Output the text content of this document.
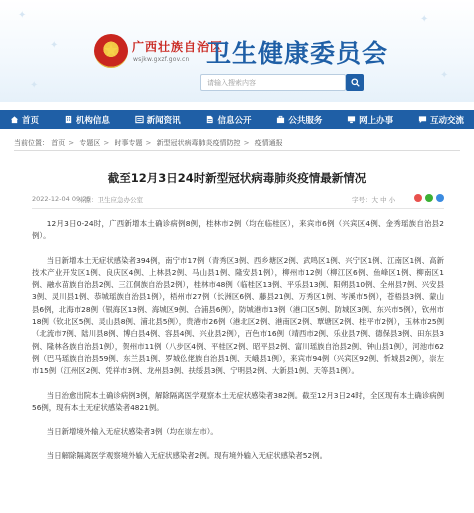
✦
✦
✦
✦
✦
广西壮族自治区
wsjkw.gxzf.gov.cn 卫生健康委员会
请输入搜索内容
首页	机构信息	新闻资讯	信息公开	公共服务	网上办事	互动交流
当前位置： 首页 > 专题区 > 时事专题 > 新型冠状病毒肺炎疫情防控 > 疫情通报
截至12月3日24时新型冠状病毒肺炎疫情最新情况
2022-12-04 09:25
来源：卫生应急办公室	字号：大 中 小

12月3日0-24时，广西新增本土确诊病例8例，桂林市2例（均在临桂区），来宾市6例（兴宾区4例、金秀瑶族自治县2例）。

当日新增本土无症状感染者394例，南宁市17例（青秀区3例、西乡塘区2例、武鸣区1例、兴宁区1例、江南区1例、高新技术产业开发区1例、良庆区4例、上林县2例、马山县1例、隆安县1例），柳州市12例（柳江区6例、鱼峰区1例、柳南区1例、融水苗族自治县2例、三江侗族自治县2例），桂林市48例（临桂区13例、平乐县13例、阳朔县10例、全州县7例、兴安县3例、灵川县1例、恭城瑶族自治县1例），梧州市27例（长洲区6例、藤县21例、万秀区1例、岑溪市5例），苍梧县3例、蒙山县6例，北海市28例（银海区13例、海城区9例、合浦县6例），防城港市13例（港口区5例、防城区3例、东兴市5例），钦州市18例（钦北区5例、灵山县8例、浦北县5例），贵港市26例（港北区2例、港南区2例、覃塘区2例、桂平市2例），玉林市25例（北流市7例、陆川县8例、博白县4例、容县4例、兴业县2例），百色市16例（靖西市2例、乐业县7例、德保县3例、田东县3例、隆林各族自治县1例），贺州市11例（八步区4例、平桂区2例、昭平县2例、富川瑶族自治县2例、钟山县1例），河池市62例（巴马瑶族自治县59例、东兰县1例、罗城仫佬族自治县1例、天峨县1例），来宾市94例（兴宾区92例、忻城县2例），崇左市15例（江州区2例、凭祥市3例、龙州县3例、扶绥县3例、宁明县2例、大新县1例、天等县1例）。

当日治愈出院本土确诊病例3例，解除隔离医学观察本土无症状感染者382例。截至12月3日24时，全区现有本土确诊病例56例，现有本土无症状感染者4821例。

当日新增境外输入无症状感染者3例（均在崇左市）。

当日解除隔离医学观察境外输入无症状感染者2例。现有境外输入无症状感染者52例。
